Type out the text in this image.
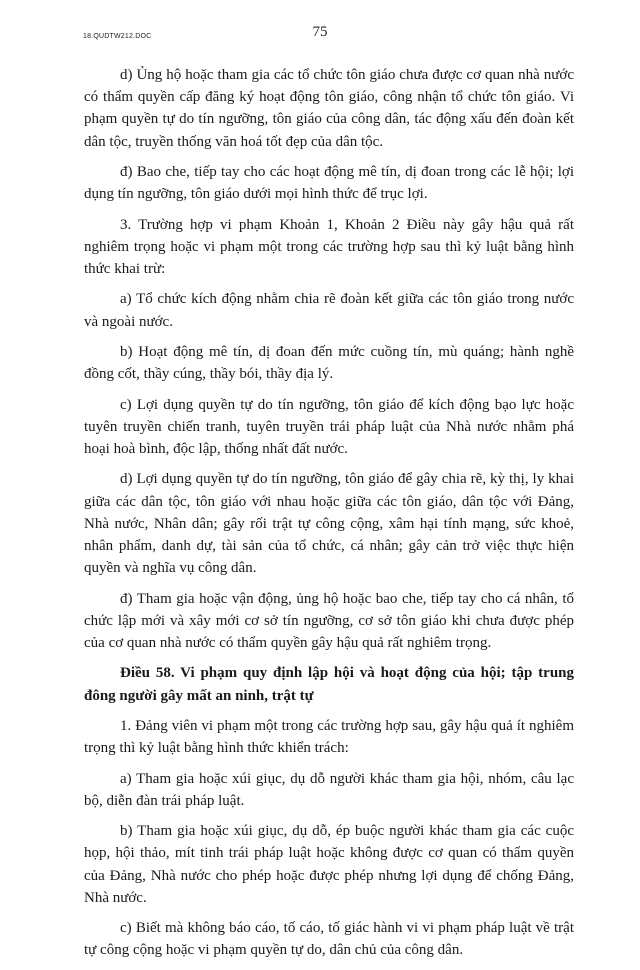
18.QUDTW212.DOC	75

d) Ủng hộ hoặc tham gia các tổ chức tôn giáo chưa được cơ quan nhà nước có thẩm quyền cấp đăng ký hoạt động tôn giáo, công nhận tổ chức tôn giáo. Vi phạm quyền tự do tín ngưỡng, tôn giáo của công dân, tác động xấu đến đoàn kết dân tộc, truyền thống văn hoá tốt đẹp của dân tộc.

đ) Bao che, tiếp tay cho các hoạt động mê tín, dị đoan trong các lễ hội; lợi dụng tín ngưỡng, tôn giáo dưới mọi hình thức để trục lợi.

3. Trường hợp vi phạm Khoản 1, Khoản 2 Điều này gây hậu quả rất nghiêm trọng hoặc vi phạm một trong các trường hợp sau thì kỷ luật bằng hình thức khai trừ:

a) Tổ chức kích động nhằm chia rẽ đoàn kết giữa các tôn giáo trong nước và ngoài nước.

b) Hoạt động mê tín, dị đoan đến mức cuồng tín, mù quáng; hành nghề đồng cốt, thầy cúng, thầy bói, thầy địa lý.

c) Lợi dụng quyền tự do tín ngưỡng, tôn giáo để kích động bạo lực hoặc tuyên truyền chiến tranh, tuyên truyền trái pháp luật của Nhà nước nhằm phá hoại hoà bình, độc lập, thống nhất đất nước.

d) Lợi dụng quyền tự do tín ngưỡng, tôn giáo để gây chia rẽ, kỳ thị, ly khai giữa các dân tộc, tôn giáo với nhau hoặc giữa các tôn giáo, dân tộc với Đảng, Nhà nước, Nhân dân; gây rối trật tự công cộng, xâm hại tính mạng, sức khoẻ, nhân phẩm, danh dự, tài sản của tổ chức, cá nhân; gây cản trở việc thực hiện quyền và nghĩa vụ công dân.

đ) Tham gia hoặc vận động, ủng hộ hoặc bao che, tiếp tay cho cá nhân, tổ chức lập mới và xây mới cơ sở tín ngưỡng, cơ sở tôn giáo khi chưa được phép của cơ quan nhà nước có thẩm quyền gây hậu quả rất nghiêm trọng.

Điều 58. Vi phạm quy định lập hội và hoạt động của hội; tập trung đông người gây mất an ninh, trật tự

1. Đảng viên vi phạm một trong các trường hợp sau, gây hậu quả ít nghiêm trọng thì kỷ luật bằng hình thức khiển trách:

a) Tham gia hoặc xúi giục, dụ dỗ người khác tham gia hội, nhóm, câu lạc bộ, diễn đàn trái pháp luật.

b) Tham gia hoặc xúi giục, dụ dỗ, ép buộc người khác tham gia các cuộc họp, hội thảo, mít tinh trái pháp luật hoặc không được cơ quan có thẩm quyền của Đảng, Nhà nước cho phép hoặc được phép nhưng lợi dụng để chống Đảng, Nhà nước.

c) Biết mà không báo cáo, tố cáo, tố giác hành vi vi phạm pháp luật về trật tự công cộng hoặc vi phạm quyền tự do, dân chủ của công dân.
